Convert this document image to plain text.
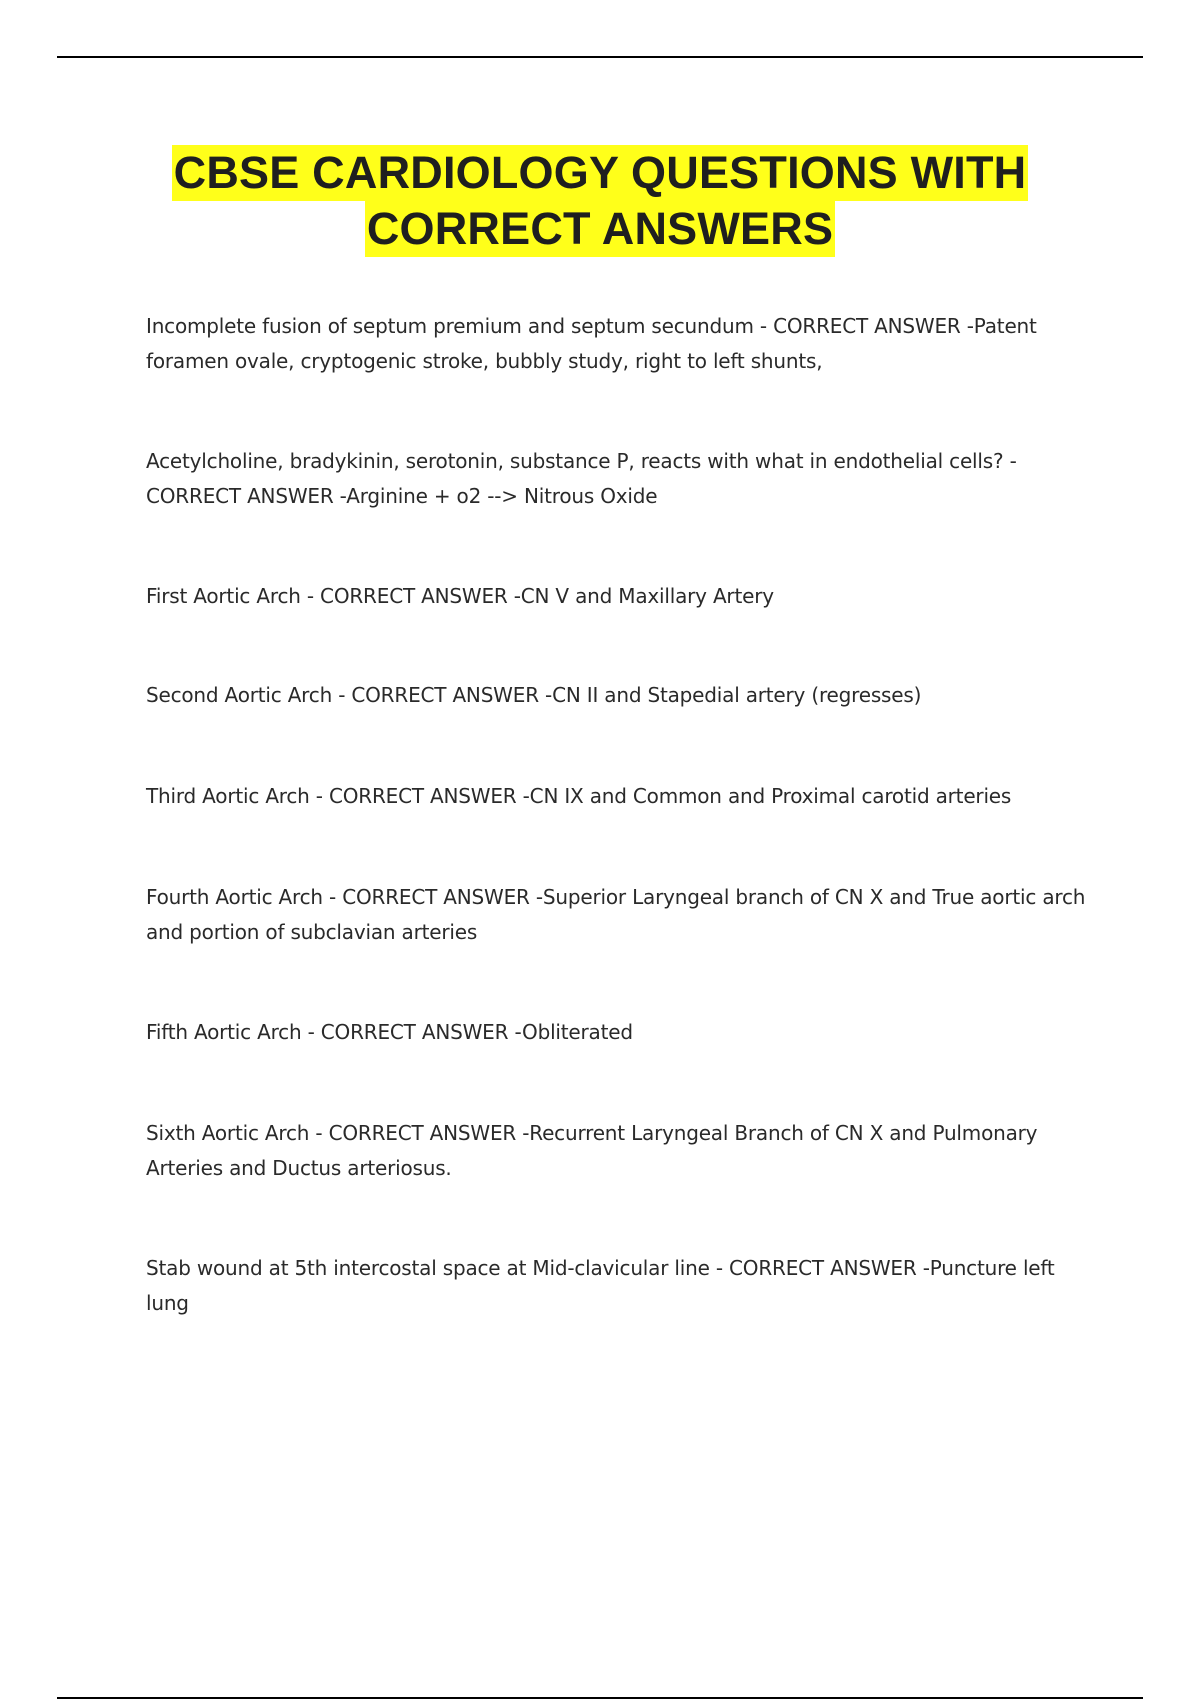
CBSE CARDIOLOGY QUESTIONS WITH
CORRECT ANSWERS
Incomplete fusion of septum premium and septum secundum - CORRECT ANSWER -Patent foramen ovale, cryptogenic stroke, bubbly study, right to left shunts,
Acetylcholine, bradykinin, serotonin, substance P, reacts with what in endothelial cells? - CORRECT ANSWER -Arginine + o2 --> Nitrous Oxide
First Aortic Arch - CORRECT ANSWER -CN V and Maxillary Artery
Second Aortic Arch - CORRECT ANSWER -CN II and Stapedial artery (regresses)
Third Aortic Arch - CORRECT ANSWER -CN IX and Common and Proximal carotid arteries
Fourth Aortic Arch - CORRECT ANSWER -Superior Laryngeal branch of CN X and True aortic arch and portion of subclavian arteries
Fifth Aortic Arch - CORRECT ANSWER -Obliterated
Sixth Aortic Arch - CORRECT ANSWER -Recurrent Laryngeal Branch of CN X and Pulmonary Arteries and Ductus arteriosus.
Stab wound at 5th intercostal space at Mid-clavicular line - CORRECT ANSWER -Puncture left lung
